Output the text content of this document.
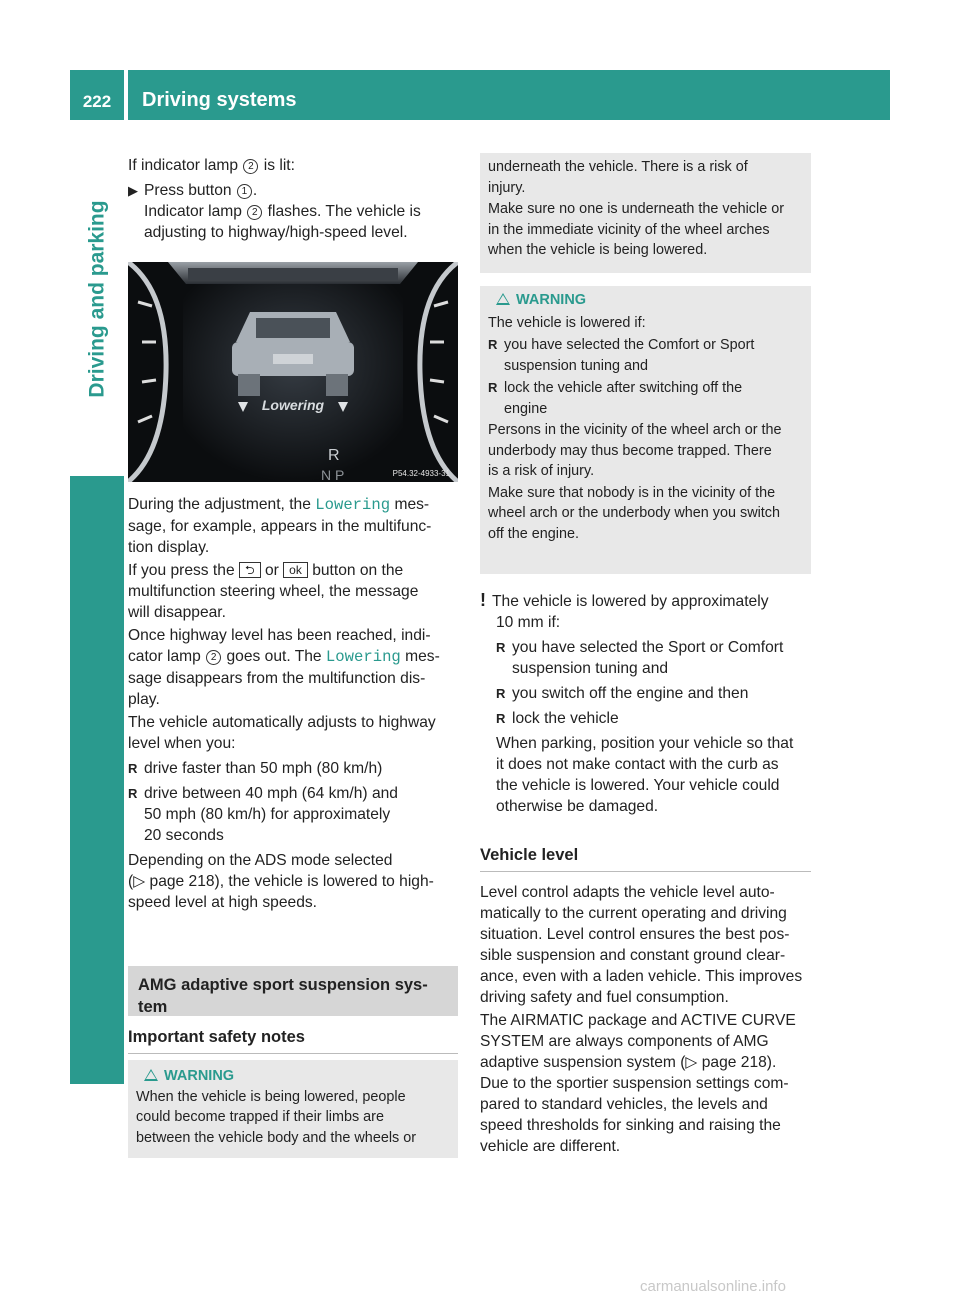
222	Driving systems
Driving and parking

If indicator lamp 2 is lit:

▶ Press button 1 .

Indicator lamp 2 flashes. The vehicle is

adjusting to highway/high-speed level.

Lowering
R
N P	P54.32-4933-31

During the adjustment, the Lowering mes-

sage, for example, appears in the multifunc-

tion display.

If you press the ⮌ or ok button on the

multifunction steering wheel, the message

will disappear.

Once highway level has been reached, indi-

cator lamp 2 goes out. The Lowering mes-

sage disappears from the multifunction dis-

play.

The vehicle automatically adjusts to highway

level when you:

R drive faster than 50 mph (80 km/h)

R drive between 40 mph (64 km/h) and

50 mph (80 km/h) for approximately

20 seconds

Depending on the ADS mode selected

(▷ page 218), the vehicle is lowered to high-

speed level at high speeds.

AMG adaptive sport suspension sys-
tem
Important safety notes
WARNING

When the vehicle is being lowered, people

could become trapped if their limbs are

between the vehicle body and the wheels or

underneath the vehicle. There is a risk of

injury.

Make sure no one is underneath the vehicle or

in the immediate vicinity of the wheel arches

when the vehicle is being lowered.

WARNING

The vehicle is lowered if:

R you have selected the Comfort or Sport

suspension tuning and

R lock the vehicle after switching off the

engine

Persons in the vicinity of the wheel arch or the

underbody may thus become trapped. There

is a risk of injury.

Make sure that nobody is in the vicinity of the

wheel arch or the underbody when you switch

off the engine.

! The vehicle is lowered by approximately

10 mm if:

R you have selected the Sport or Comfort

suspension tuning and

R you switch off the engine and then

R lock the vehicle

When parking, position your vehicle so that

it does not make contact with the curb as

the vehicle is lowered. Your vehicle could

otherwise be damaged.

Vehicle level

Level control adapts the vehicle level auto-

matically to the current operating and driving

situation. Level control ensures the best pos-

sible suspension and constant ground clear-

ance, even with a laden vehicle. This improves

driving safety and fuel consumption.

The AIRMATIC package and ACTIVE CURVE

SYSTEM are always components of AMG

adaptive suspension system (▷ page 218).

Due to the sportier suspension settings com-

pared to standard vehicles, the levels and

speed thresholds for sinking and raising the

vehicle are different.

carmanualsonline.info
